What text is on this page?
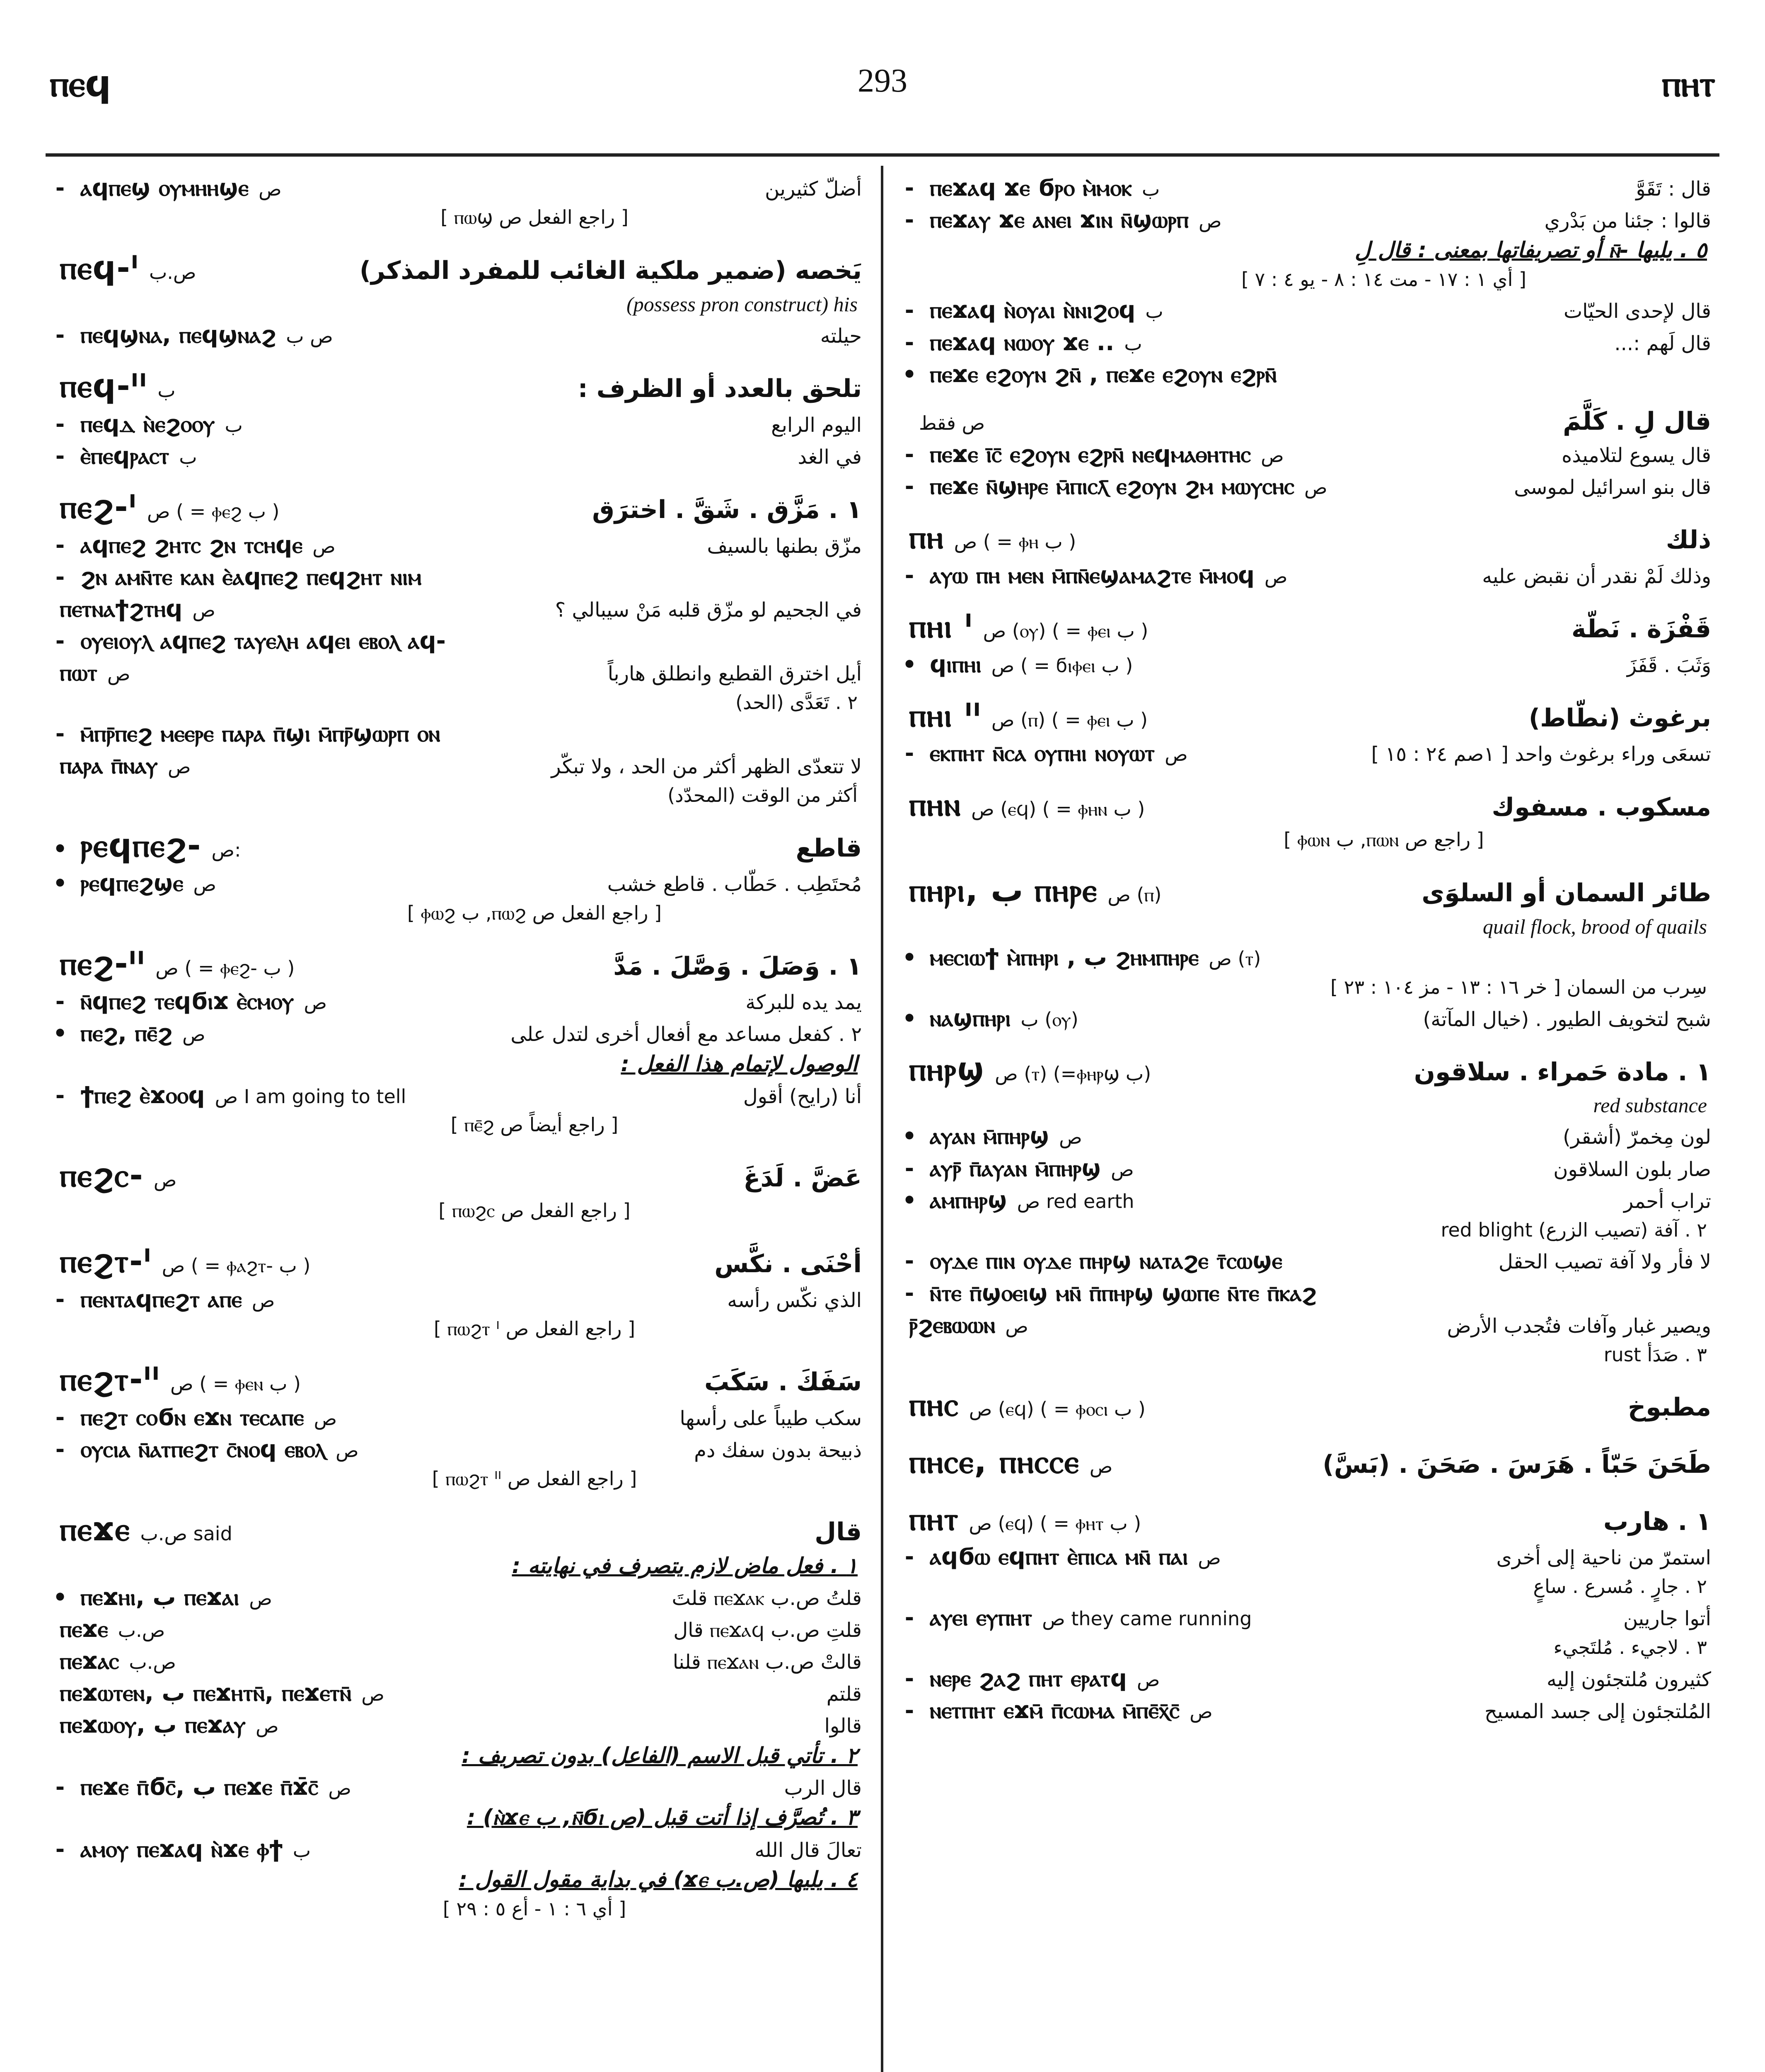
ⲡⲉϥ	293	ⲡⲏⲧ
- ⲁϥⲡⲉϣ ⲟⲩⲙⲏⲏϣⲉ ص	أضلّ كثيرين
[ راجع الفعل ص ⲡⲱϣ ]
ⲡⲉϥ-ᴵ ص.ب	يَخصه (ضمير ملكية الغائب للمفرد المذكر)
(possess pron construct) his
- ⲡⲉϥϣⲛⲁ, ⲡⲉϥϣⲛⲁϩ ص ب	حيلته
ⲡⲉϥ-ᴵᴵ ب	تلحق بالعدد أو الظرف :
- ⲡⲉϥⲇ ⲛ̀ⲉϩⲟⲟⲩ ب	اليوم الرابع
- ⲉ̀ⲡⲉϥⲣⲁⲥⲧ ب	في الغد
ⲡⲉϩ-ᴵ ص ( = ⲫⲉϩ ب )	١ . مَزَّق . شَقَّ . اخترَق
- ⲁϥⲡⲉϩ ϩⲏⲧⲥ ϩⲛ ⲧⲥⲏϥⲉ ص	مزّق بطنها بالسيف
- ϩⲛ ⲁⲙⲛ̄ⲧⲉ ⲕⲁⲛ ⲉ̀ⲁϥⲡⲉϩ ⲡⲉϥϩⲏⲧ ⲛⲓⲙ
ⲡⲉⲧⲛⲁϯϩⲧⲏϥ ص	في الجحيم لو مزّق قلبه مَنْ سيبالي ؟
- ⲟⲩⲉⲓⲟⲩⲗ ⲁϥⲡⲉϩ ⲧⲁⲩⲉⲗⲏ ⲁϥⲉⲓ ⲉⲃⲟⲗ ⲁϥ-
ⲡⲱⲧ ص	أيل اخترق القطيع وانطلق هارباً
٢ . تَعَدَّى (الحد)
- ⲙ̄ⲡⲣ̄ⲡⲉϩ ⲙⲉⲉⲣⲉ ⲡⲁⲣⲁ ⲡ̄ϣⲓ ⲙ̄ⲡⲣ̄ϣⲱⲣⲡ ⲟⲛ
ⲡⲁⲣⲁ ⲡ̄ⲛⲁⲩ ص	لا تتعدّى الظهر أكثر من الحد ، ولا تبكّر
أكثر من الوقت (المحدّد)
• ⲣⲉϥⲡⲉϩ- ص:	قاطع
• ⲣⲉϥⲡⲉϩϣⲉ ص	مُحتَطِب . حَطّاب . قاطع خشب
[ راجع الفعل ص ⲡⲱϩ, ب ⲫⲱϩ ]
ⲡⲉϩ-ᴵᴵ ص ( = ⲫⲉϩ- ب )	١ . وَصَلَ . وَصَّلَ . مَدَّ
- ⲛ̄ϥⲡⲉϩ ⲧⲉϥϭⲓϫ ⲉ̀ⲥⲙⲟⲩ ص	يمد يده للبركة
• ⲡⲉϩ, ⲡⲉ̄ϩ ص	٢ . كفعل مساعد مع أفعال أخرى لتدل على
الوصول لإتمام هذا الفعل :
- ϯⲡⲉϩ ⲉ̀ϫⲟⲟϥ ص I am going to tell	أنا (رايح) أقول
[ راجع أيضاً ص ⲡⲉ̄ϩ ]
ⲡⲉϩⲥ- ص	عَضَّ . لَدَغَ
[ راجع الفعل ص ⲡⲱϩⲥ ]
ⲡⲉϩⲧ-ᴵ ص ( = ⲫⲁϩⲧ- ب )	أحْنَى . نكَّس
- ⲡⲉⲛⲧⲁϥⲡⲉϩⲧ ⲁⲡⲉ ص	الذي نكّس رأسه
[ راجع الفعل ص ⲡⲱϩⲧ ᴵ ]
ⲡⲉϩⲧ-ᴵᴵ ص ( = ⲫⲉⲛ ب )	سَفَكَ . سَكَبَ
- ⲡⲉϩⲧ ⲥⲟϭⲛ ⲉϫⲛ ⲧⲉⲥⲁⲡⲉ ص	سكب طيباً على رأسها
- ⲟⲩⲥⲓⲁ ⲛ̄ⲁⲧⲡⲉϩⲧ ⲥ̄ⲛⲟϥ ⲉⲃⲟⲗ ص	ذبيحة بدون سفك دم
[ راجع الفعل ص ⲡⲱϩⲧ ᴵᴵ ]
ⲡⲉϫⲉ ص.ب said	قال
١ . فعل ماض لازم يتصرف في نهايته :
• ⲡⲉϫⲏⲓ, ب ⲡⲉϫⲁⲓ ص	قلتُ ص.ب ⲡⲉϫⲁⲕ قلتَ
ⲡⲉϫⲉ ص.ب	قلتِ ص.ب ⲡⲉϫⲁϥ قال
ⲡⲉϫⲁⲥ ص.ب	قالتْ ص.ب ⲡⲉϫⲁⲛ قلنا
ⲡⲉϫⲱⲧⲉⲛ, ب ⲡⲉϫⲏⲧⲛ̄, ⲡⲉϫⲉⲧⲛ̄ ص	قلتم
ⲡⲉϫⲱⲟⲩ, ب ⲡⲉϫⲁⲩ ص	قالوا
٢ . تأتي قبل الاسم (الفاعل) بدون تصريف :
- ⲡⲉϫⲉ ⲡ̄ϭ̄ⲥ̄, ب ⲡⲉϫⲉ ⲡ̄ϫ̄ⲥ̄ ص	قال الرب
٣ . تُصرَّف إذا أتت قبل (ص ⲛ̄ϭⲓ, ب ⲛ̀ϫⲉ) :
- ⲁⲙⲟⲩ ⲡⲉϫⲁϥ ⲛ̀ϫⲉ ⲫϯ ب	تعالَ قال الله
٤ . يليها (ص.ب ϫⲉ) في بداية مقول القول :
[ أي ٦ : ١ - أع ٥ : ٢٩ ]
- ⲡⲉϫⲁϥ ϫⲉ ϭⲣⲟ ⲙ̀ⲙⲟⲕ ب	قال : تَقَوَّ
- ⲡⲉϫⲁⲩ ϫⲉ ⲁⲛⲉⲓ ϫⲓⲛ ⲛ̄ϣⲱⲣⲡ ص	قالوا : جئنا من بَدْري
٥ . يليها -ⲛ̄ أو تصريفاتها بمعنى : قال لِ
[ أي ١ : ١٧ - مت ١٤ : ٨ - يو ٤ : ٧ ]
- ⲡⲉϫⲁϥ ⲛ̀ⲟⲩⲁⲓ ⲛ̀ⲛⲓϩⲟϥ ب	قال لإحدى الحيّات
- ⲡⲉϫⲁϥ ⲛⲱⲟⲩ ϫⲉ .. ب	قال لَهم :...
• ⲡⲉϫⲉ ⲉϩⲟⲩⲛ ϩⲛ̄ , ⲡⲉϫⲉ ⲉϩⲟⲩⲛ ⲉϩⲣⲛ̄
ص فقط	قال لِ . كَلَّمَ
- ⲡⲉϫⲉ ⲓ̄ⲥ̄ ⲉϩⲟⲩⲛ ⲉϩⲣⲛ̄ ⲛⲉϥⲙⲁⲑⲏⲧⲏⲥ ص	قال يسوع لتلاميذه
- ⲡⲉϫⲉ ⲛ̄ϣⲏⲣⲉ ⲙ̄ⲡⲓⲥⲗ̄ ⲉϩⲟⲩⲛ ϩⲙ ⲙⲱⲩⲥⲏⲥ ص	قال بنو اسرائيل لموسى
ⲡⲏ ص ( = ⲫⲏ ب )	ذلك
- ⲁⲩⲱ ⲡⲏ ⲙⲉⲛ ⲙ̄ⲡⲛ̄ⲉϣⲁⲙⲁϩⲧⲉ ⲙ̄ⲙⲟϥ ص	وذلك لَمْ نقدر أن نقبض عليه
ⲡⲏⲓ ᴵ ص (ⲟⲩ) ( = ⲫⲉⲓ ب )	قَفْزَة . نَطّة
• ϥⲓⲡⲏⲓ ص ( = ϭⲓⲫⲉⲓ ب )	وَثَبَ . قَفَزَ
ⲡⲏⲓ ᴵᴵ ص (ⲡ) ( = ⲫⲉⲓ ب )	برغوث (نطّاط)
- ⲉⲕⲡⲏⲧ ⲛ̄ⲥⲁ ⲟⲩⲡⲏⲓ ⲛⲟⲩⲱⲧ ص	تسعَى وراء برغوث واحد [ ١صم ٢٤ : ١٥ ]
ⲡⲏⲛ ص (ⲉϥ) ( = ⲫⲏⲛ ب )	مسكوب . مسفوك
[ راجع ص ⲡⲱⲛ, ب ⲫⲱⲛ ]
ⲡⲏⲣⲓ, ب ⲡⲏⲣⲉ ص (ⲡ)	طائر السمان أو السلوَى
quail flock, brood of quails
• ⲙⲉⲥⲓⲱϯ ⲙ̀ⲡⲏⲣⲓ , ب ϩⲏⲙⲡⲏⲣⲉ ص (ⲧ)
سِرب من السمان [ خر ١٦ : ١٣ - مز ١٠٤ : ٢٣ ]
• ⲛⲁϣⲡⲏⲣⲓ ب (ⲟⲩ)	شبح لتخويف الطيور . (خيال المآتة)
ⲡⲏⲣϣ ص (ⲧ) (=ⲫⲏⲣϣ ب)	١ . مادة حَمراء . سلاقون
red substance
• ⲁⲩⲁⲛ ⲙ̄ⲡⲏⲣϣ ص	لون مِخمرّ (أشقر)
- ⲁⲩⲣ̄ ⲡ̄ⲁⲩⲁⲛ ⲙ̄ⲡⲏⲣϣ ص	صار بلون السلاقون
• ⲁⲙⲡⲏⲣϣ ص red earth	تراب أحمر
٢ . آفة (تصيب الزرع) red blight
- ⲟⲩⲇⲉ ⲡⲓⲛ ⲟⲩⲇⲉ ⲡⲏⲣϣ ⲛⲁⲧⲁϩⲉ ⲧ̄ⲥⲱϣⲉ	لا فأر ولا آفة تصيب الحقل
- ⲛ̄ⲧⲉ ⲡ̄ϣⲟⲉⲓϣ ⲙⲛ̄ ⲡ̄ⲡⲏⲣϣ ϣⲱⲡⲉ ⲛ̄ⲧⲉ ⲡ̄ⲕⲁϩ
ⲣ̄ϩⲉⲃⲱⲱⲛ ص	ويصير غبار وآفات فتُجدب الأرض
٣ . صَدَأ rust
ⲡⲏⲥ ص (ⲉϥ) ( = ⲫⲟⲥⲓ ب )	مطبوخ
ⲡⲏⲥⲉ, ⲡⲏⲥⲥⲉ ص	طَحَنَ حَبّاً . هَرَسَ . صَحَنَ . (بَسَّ)
ⲡⲏⲧ ص (ⲉϥ) ( = ⲫⲏⲧ ب )	١ . هارب
- ⲁϥϭⲱ ⲉϥⲡⲏⲧ ⲉ̀ⲡⲓⲥⲁ ⲙⲛ̄ ⲡⲁⲓ ص	استمرّ من ناحية إلى أخرى
٢ . جارٍ . مُسرع . ساعٍ
- ⲁⲩⲉⲓ ⲉⲩⲡⲏⲧ ص they came running	أتوا جاريين
٣ . لاجيء . مُلتَجيء
- ⲛⲉⲣⲉ ϩⲁϩ ⲡⲏⲧ ⲉⲣⲁⲧϥ ص	كثيرون مُلتجئون إليه
- ⲛⲉⲧⲡⲏⲧ ⲉϫⲙ̄ ⲡ̄ⲥⲱⲙⲁ ⲙ̄ⲡⲉ̄ⲭ̄ⲥ̄ ص	المُلتجئون إلى جسد المسيح
